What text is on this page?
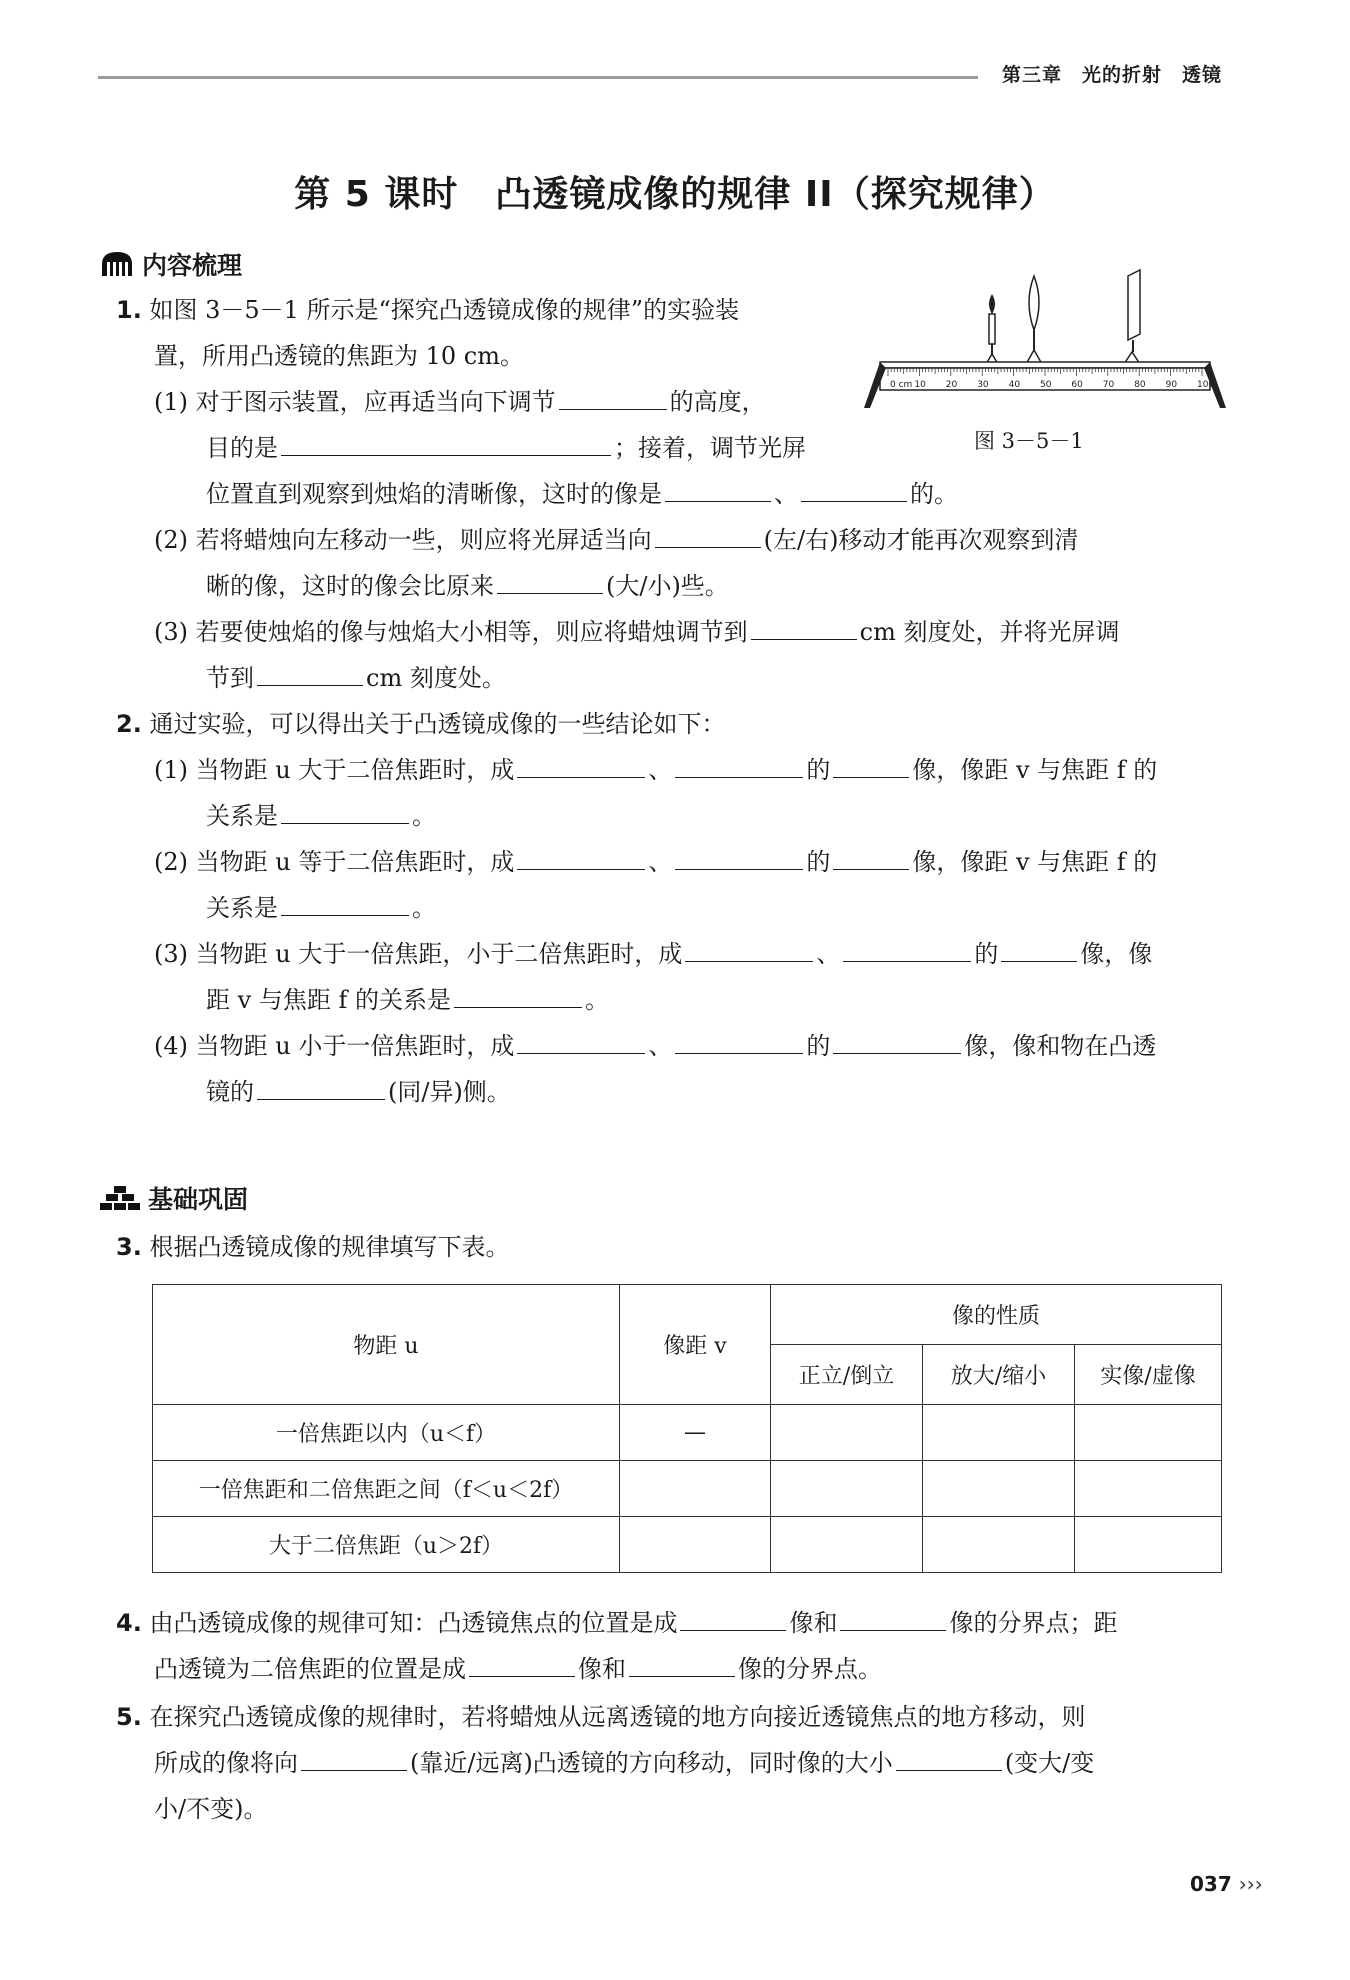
第三章　光的折射　透镜
第 5 课时　凸透镜成像的规律 II（探究规律）
内容梳理
1. 如图 3－5－1 所示是“探究凸透镜成像的规律”的实验装
置，所用凸透镜的焦距为 10 cm。
(1) 对于图示装置，应再适当向下调节	的高度，
目的是	；接着，调节光屏
位置直到观察到烛焰的清晰像，这时的像是	、	的。
(2) 若将蜡烛向左移动一些，则应将光屏适当向	(左/右)移动才能再次观察到清
晰的像，这时的像会比原来	(大/小)些。
(3) 若要使烛焰的像与烛焰大小相等，则应将蜡烛调节到	cm 刻度处，并将光屏调
节到	cm 刻度处。
0 cm 10 20 30 40 50 60 70 80 90 100
图 3－5－1
2. 通过实验，可以得出关于凸透镜成像的一些结论如下：
(1) 当物距 u 大于二倍焦距时，成	、	的	像，像距 v 与焦距 f 的
关系是	。
(2) 当物距 u 等于二倍焦距时，成	、	的	像，像距 v 与焦距 f 的
关系是	。
(3) 当物距 u 大于一倍焦距，小于二倍焦距时，成	、	的	像，像
距 v 与焦距 f 的关系是	。
(4) 当物距 u 小于一倍焦距时，成	、	的	像，像和物在凸透
镜的	(同/异)侧。
基础巩固
3. 根据凸透镜成像的规律填写下表。
物距 u	像距 v	像的性质		
		正立/倒立	放大/缩小	实像/虚像
一倍焦距以内（u＜f）	—			
一倍焦距和二倍焦距之间（f＜u＜2f）				
大于二倍焦距（u＞2f）				
4. 由凸透镜成像的规律可知：凸透镜焦点的位置是成	像和	像的分界点；距
凸透镜为二倍焦距的位置是成	像和	像的分界点。
5. 在探究凸透镜成像的规律时，若将蜡烛从远离透镜的地方向接近透镜焦点的地方移动，则
所成的像将向	(靠近/远离)凸透镜的方向移动，同时像的大小	(变大/变
小/不变)。
037 ›››
